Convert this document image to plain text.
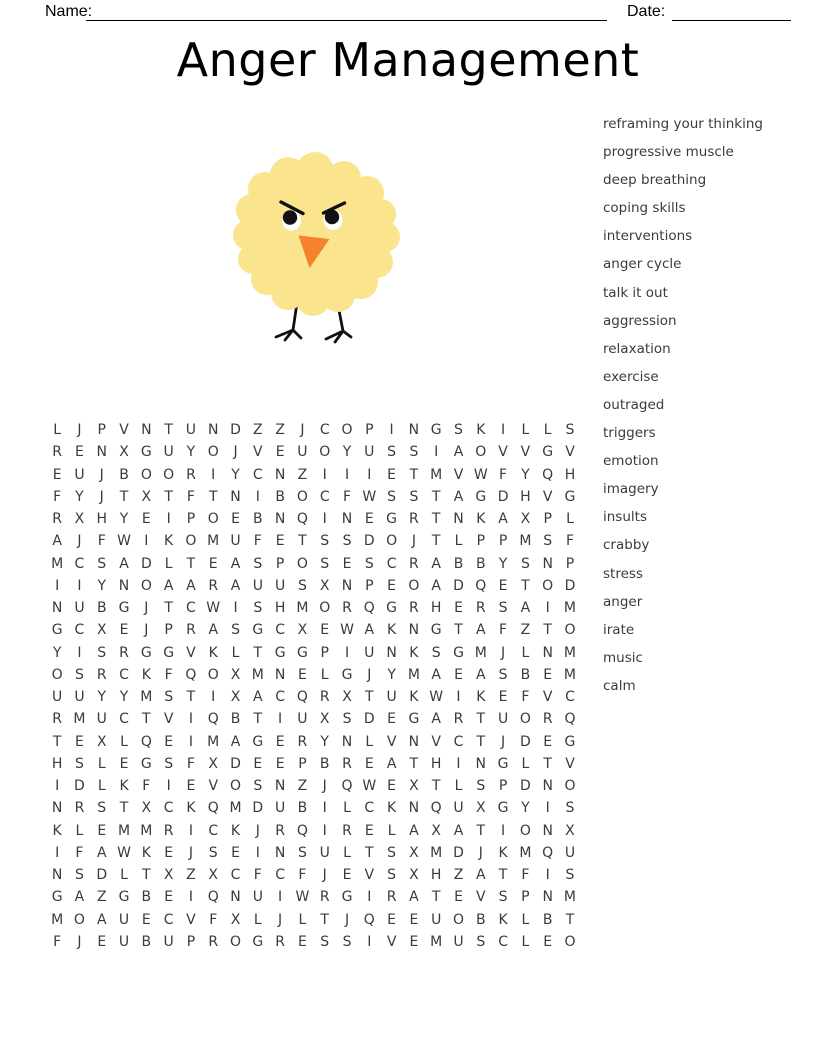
Name:	Date:
Anger Management
reframing your thinking
progressive muscle
deep breathing
coping skills
interventions
anger cycle
talk it out
aggression
relaxation
exercise
outraged
triggers
emotion
imagery
insults
crabby
stress
anger
irate
music
calm
L	J	P V N T U N D Z Z	J	C O P	I	N G S K	I	L	L S
R E N X G U Y O	J	V E U O Y U S S	I	A O V V G V
E U	J	B O O R	I	Y C N Z	I	I	I	E T M V W F Y Q H
F Y	J	T X T F T N	I	B O C F W S S T A G D H V G
R X H Y E	I	P O E B N Q	I	N E G R T N K A X P	L
A	J	F W I	K O M U F E T S S D O	J	T	L	P P M S F
M C S A D L	T E A S P O S E S C R A B B Y S N P
I	I	Y N O A A R A U U S X N P E O A D Q E T O D
N U B G	J	T C W I	S H M O R Q G R H E R S A	I	M
G C X E	J	P R A S G C X E W A K N G T A F Z T O
Y	I	S R G G V K L	T G G P	I	U N K S G M	J	L N M
O S R C K F Q O X M N E L G	J	Y M A E A S B E M
U U Y Y M S T	I	X A C Q R X T U K W I	K E F V C
R M U C T V	I	Q B T	I	U X S D E G A R T U O R Q
T E X L Q E	I	M A G E R Y N L V N V C T	J	D E G
H S L E G S F X D E E P B R E A T H	I	N G L	T V
I	D L K F	I	E V O S N Z	J	Q W E X T	L S P D N O
N R S T X C K Q M D U B	I	L C K N Q U X G Y	I	S
K L E M M R	I	C K	J	R Q	I	R E L A X A T	I	O N X
I	F A W K E	J	S E	I	N S U L	T S X M D	J	K M Q U
N S D L	T X Z X C F C F	J	E V S X H Z A T F	I	S
G A Z G B E	I	Q N U	I W R G	I	R A T E V S P N M
M O A U E C V F X L	J	L	T	J	Q E E U O B K L B T
F	J	E U B U P R O G R E S S	I	V E M U S C L E O
